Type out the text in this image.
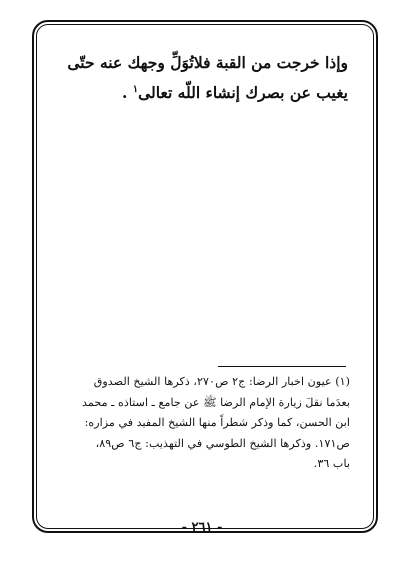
وإذا خرجت من القبة فلاتُوَلِّ وجهك عنه حتّى
يغيب عن بصرك إنشاء اللّه تعالى$^١$ .
(١) عيون اخبار الرضا: ج٢ ص٢٧٠، ذكرها الشيخ الصدوق
بعدَما نقلَ زيارة الإمام الرضا ﷺ عن جامع ـ استاذه ـ محمد
ابن الحسن، كما وذكر شطراً منها الشيخ المفيد في مزاره:
ص١٧١. وذكرها الشيخ الطوسي في التهذيب: ج٦ ص٨٩،
باب ٣٦.
- ٢٦١ -
